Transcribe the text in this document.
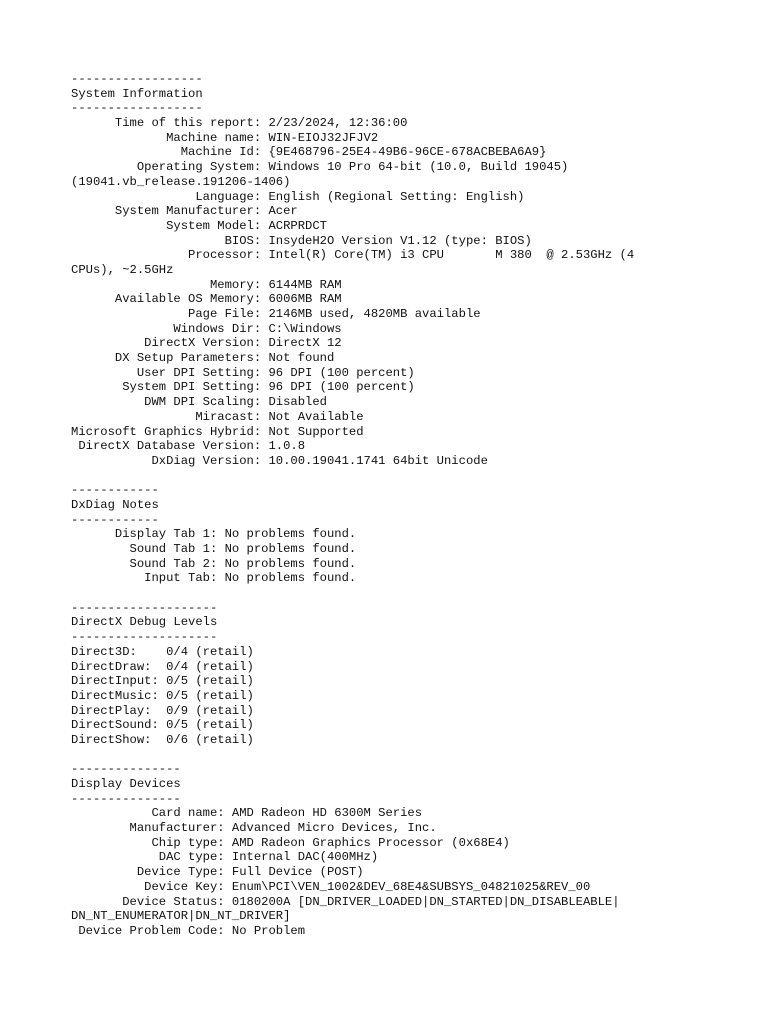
------------------
System Information
------------------
Time of this report: 2/23/2024, 12:36:00
Machine name: WIN-EIOJ32JFJV2
Machine Id: {9E468796-25E4-49B6-96CE-678ACBEBA6A9}
Operating System: Windows 10 Pro 64-bit (10.0, Build 19045)
(19041.vb_release.191206-1406)
Language: English (Regional Setting: English)
System Manufacturer: Acer
System Model: ACRPRDCT
BIOS: InsydeH2O Version V1.12 (type: BIOS)
Processor: Intel(R) Core(TM) i3 CPU       M 380  @ 2.53GHz (4
CPUs), ~2.5GHz
Memory: 6144MB RAM
Available OS Memory: 6006MB RAM
Page File: 2146MB used, 4820MB available
Windows Dir: C:\Windows
DirectX Version: DirectX 12
DX Setup Parameters: Not found
User DPI Setting: 96 DPI (100 percent)
System DPI Setting: 96 DPI (100 percent)
DWM DPI Scaling: Disabled
Miracast: Not Available
Microsoft Graphics Hybrid: Not Supported
DirectX Database Version: 1.0.8
DxDiag Version: 10.00.19041.1741 64bit Unicode
------------
DxDiag Notes
------------
Display Tab 1: No problems found.
Sound Tab 1: No problems found.
Sound Tab 2: No problems found.
Input Tab: No problems found.
--------------------
DirectX Debug Levels
--------------------
Direct3D:    0/4 (retail)
DirectDraw:  0/4 (retail)
DirectInput: 0/5 (retail)
DirectMusic: 0/5 (retail)
DirectPlay:  0/9 (retail)
DirectSound: 0/5 (retail)
DirectShow:  0/6 (retail)
---------------
Display Devices
---------------
Card name: AMD Radeon HD 6300M Series
Manufacturer: Advanced Micro Devices, Inc.
Chip type: AMD Radeon Graphics Processor (0x68E4)
DAC type: Internal DAC(400MHz)
Device Type: Full Device (POST)
Device Key: Enum\PCI\VEN_1002&DEV_68E4&SUBSYS_04821025&REV_00
Device Status: 0180200A [DN_DRIVER_LOADED|DN_STARTED|DN_DISABLEABLE|
DN_NT_ENUMERATOR|DN_NT_DRIVER]
Device Problem Code: No Problem
